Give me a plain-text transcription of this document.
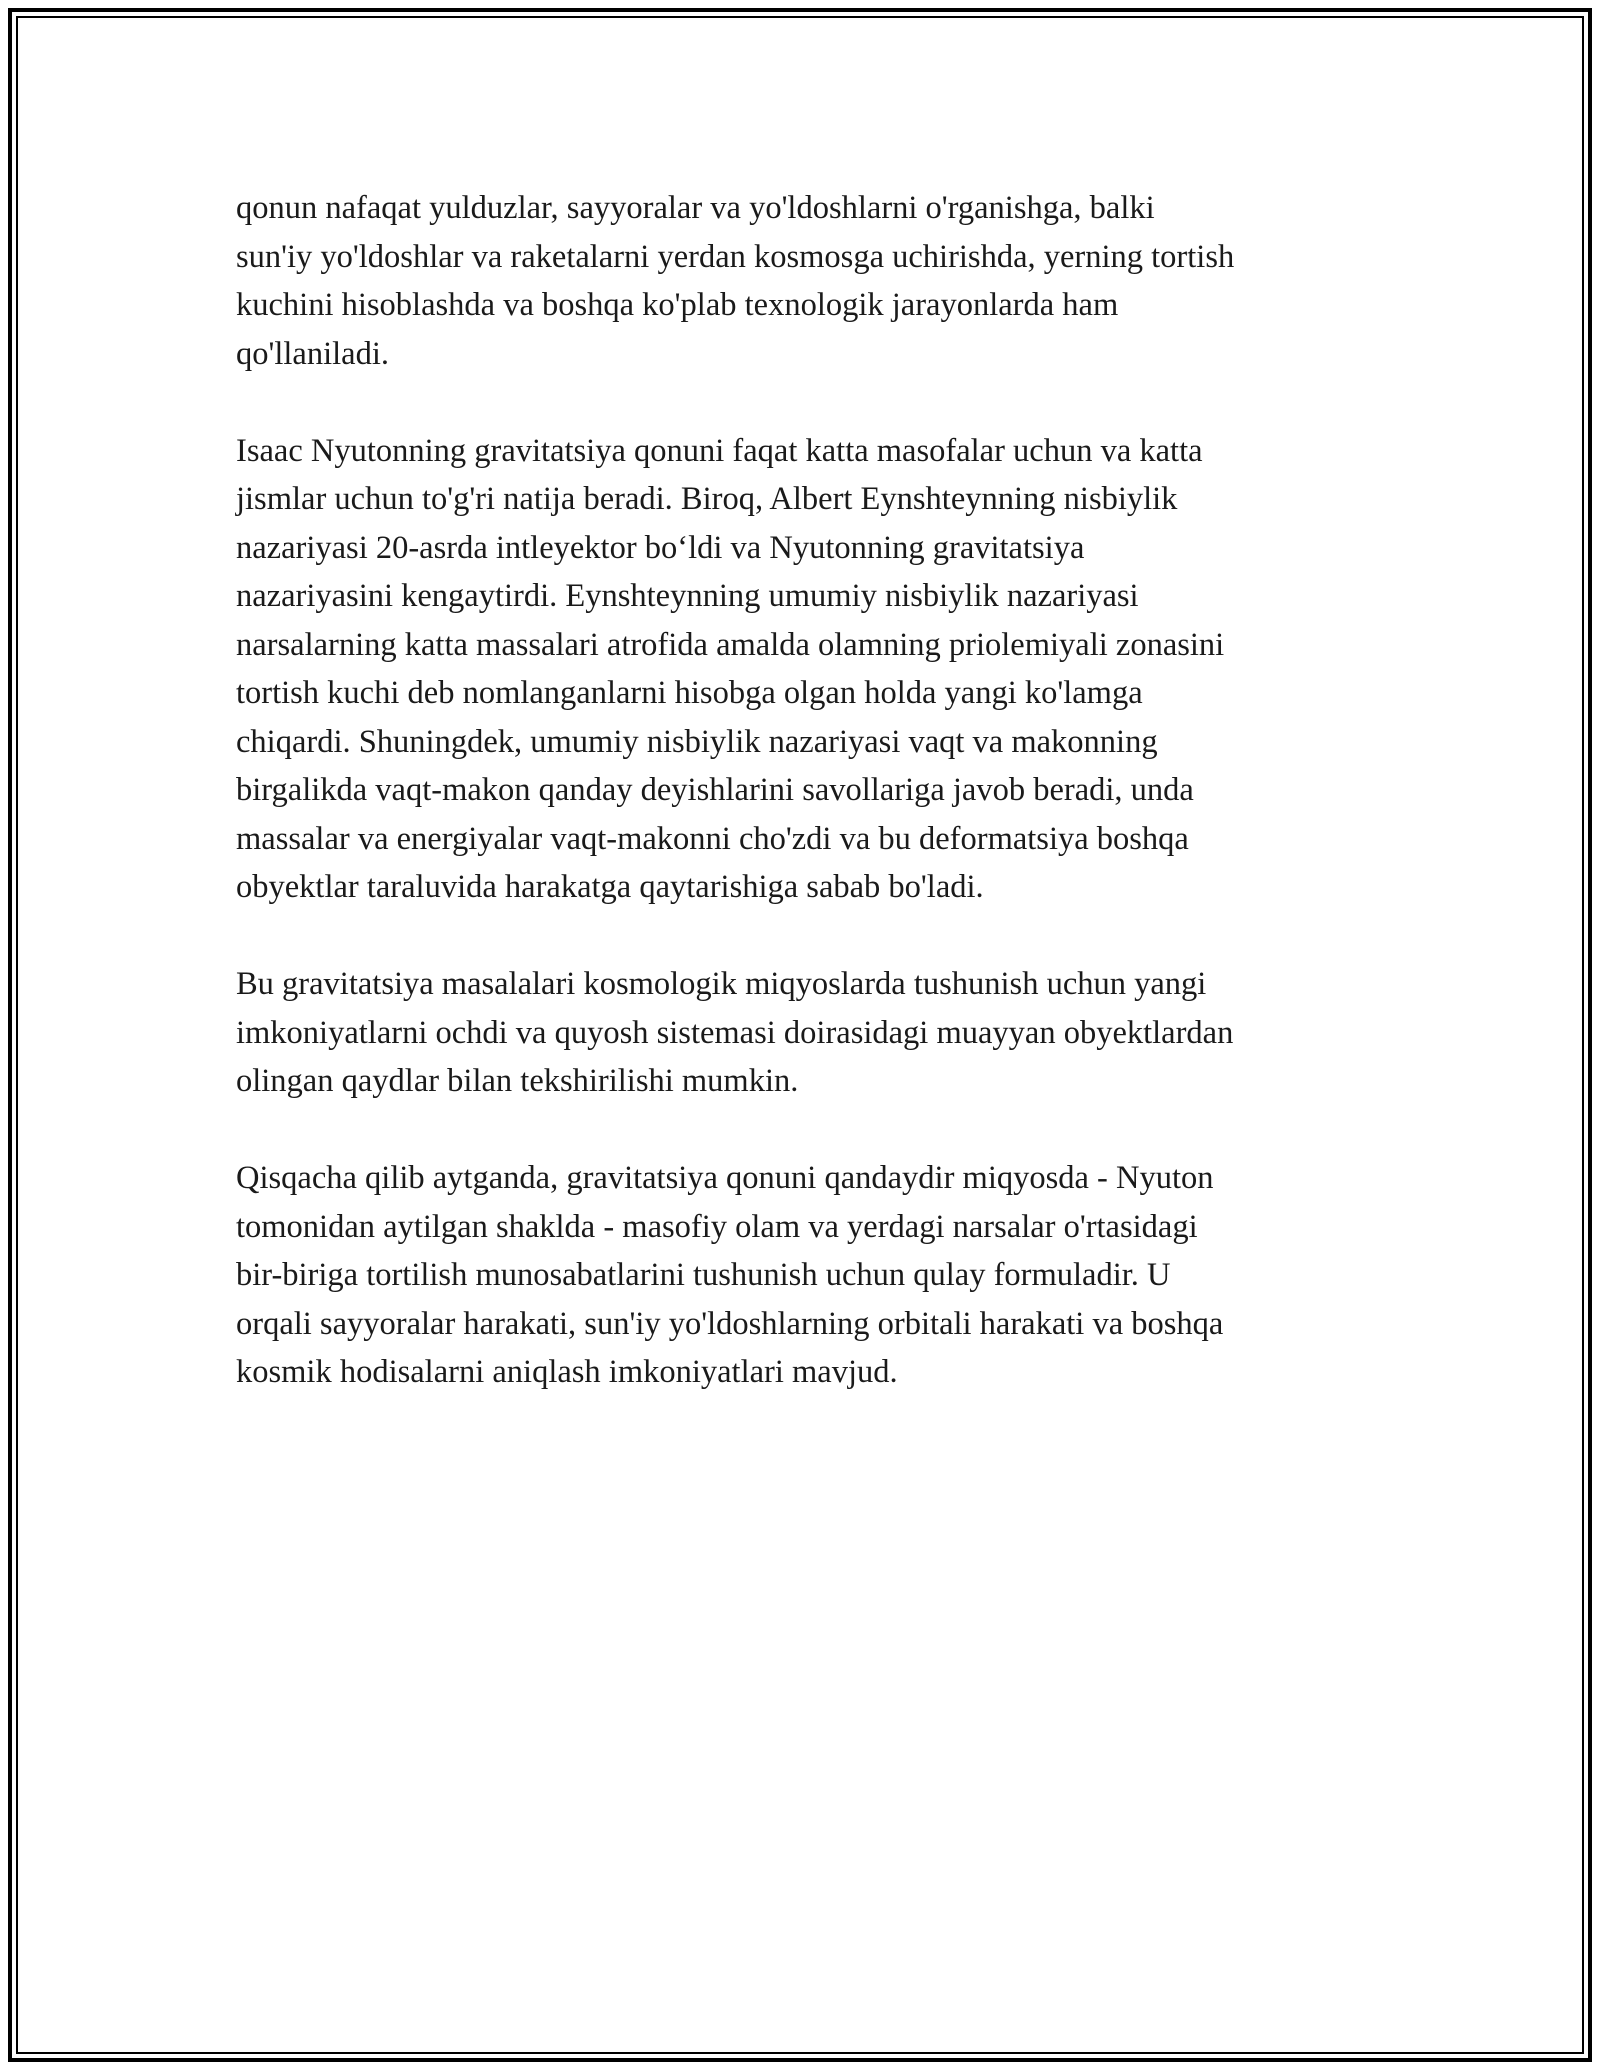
qonun nafaqat yulduzlar, sayyoralar va yo'ldoshlarni o'rganishga, balki
sun'iy yo'ldoshlar va raketalarni yerdan kosmosga uchirishda, yerning tortish
kuchini hisoblashda va boshqa ko'plab texnologik jarayonlarda ham
qo'llaniladi.

Isaac Nyutonning gravitatsiya qonuni faqat katta masofalar uchun va katta
jismlar uchun to'g'ri natija beradi. Biroq, Albert Eynshteynning nisbiylik
nazariyasi 20-asrda intleyektor bo‘ldi va Nyutonning gravitatsiya
nazariyasini kengaytirdi. Eynshteynning umumiy nisbiylik nazariyasi
narsalarning katta massalari atrofida amalda olamning priolemiyali zonasini
tortish kuchi deb nomlanganlarni hisobga olgan holda yangi ko'lamga
chiqardi. Shuningdek, umumiy nisbiylik nazariyasi vaqt va makonning
birgalikda vaqt-makon qanday deyishlarini savollariga javob beradi, unda
massalar va energiyalar vaqt-makonni cho'zdi va bu deformatsiya boshqa
obyektlar taraluvida harakatga qaytarishiga sabab bo'ladi.

Bu gravitatsiya masalalari kosmologik miqyoslarda tushunish uchun yangi
imkoniyatlarni ochdi va quyosh sistemasi doirasidagi muayyan obyektlardan
olingan qaydlar bilan tekshirilishi mumkin.

Qisqacha qilib aytganda, gravitatsiya qonuni qandaydir miqyosda - Nyuton
tomonidan aytilgan shaklda - masofiy olam va yerdagi narsalar o'rtasidagi
bir-biriga tortilish munosabatlarini tushunish uchun qulay formuladir. U
orqali sayyoralar harakati, sun'iy yo'ldoshlarning orbitali harakati va boshqa
kosmik hodisalarni aniqlash imkoniyatlari mavjud.
